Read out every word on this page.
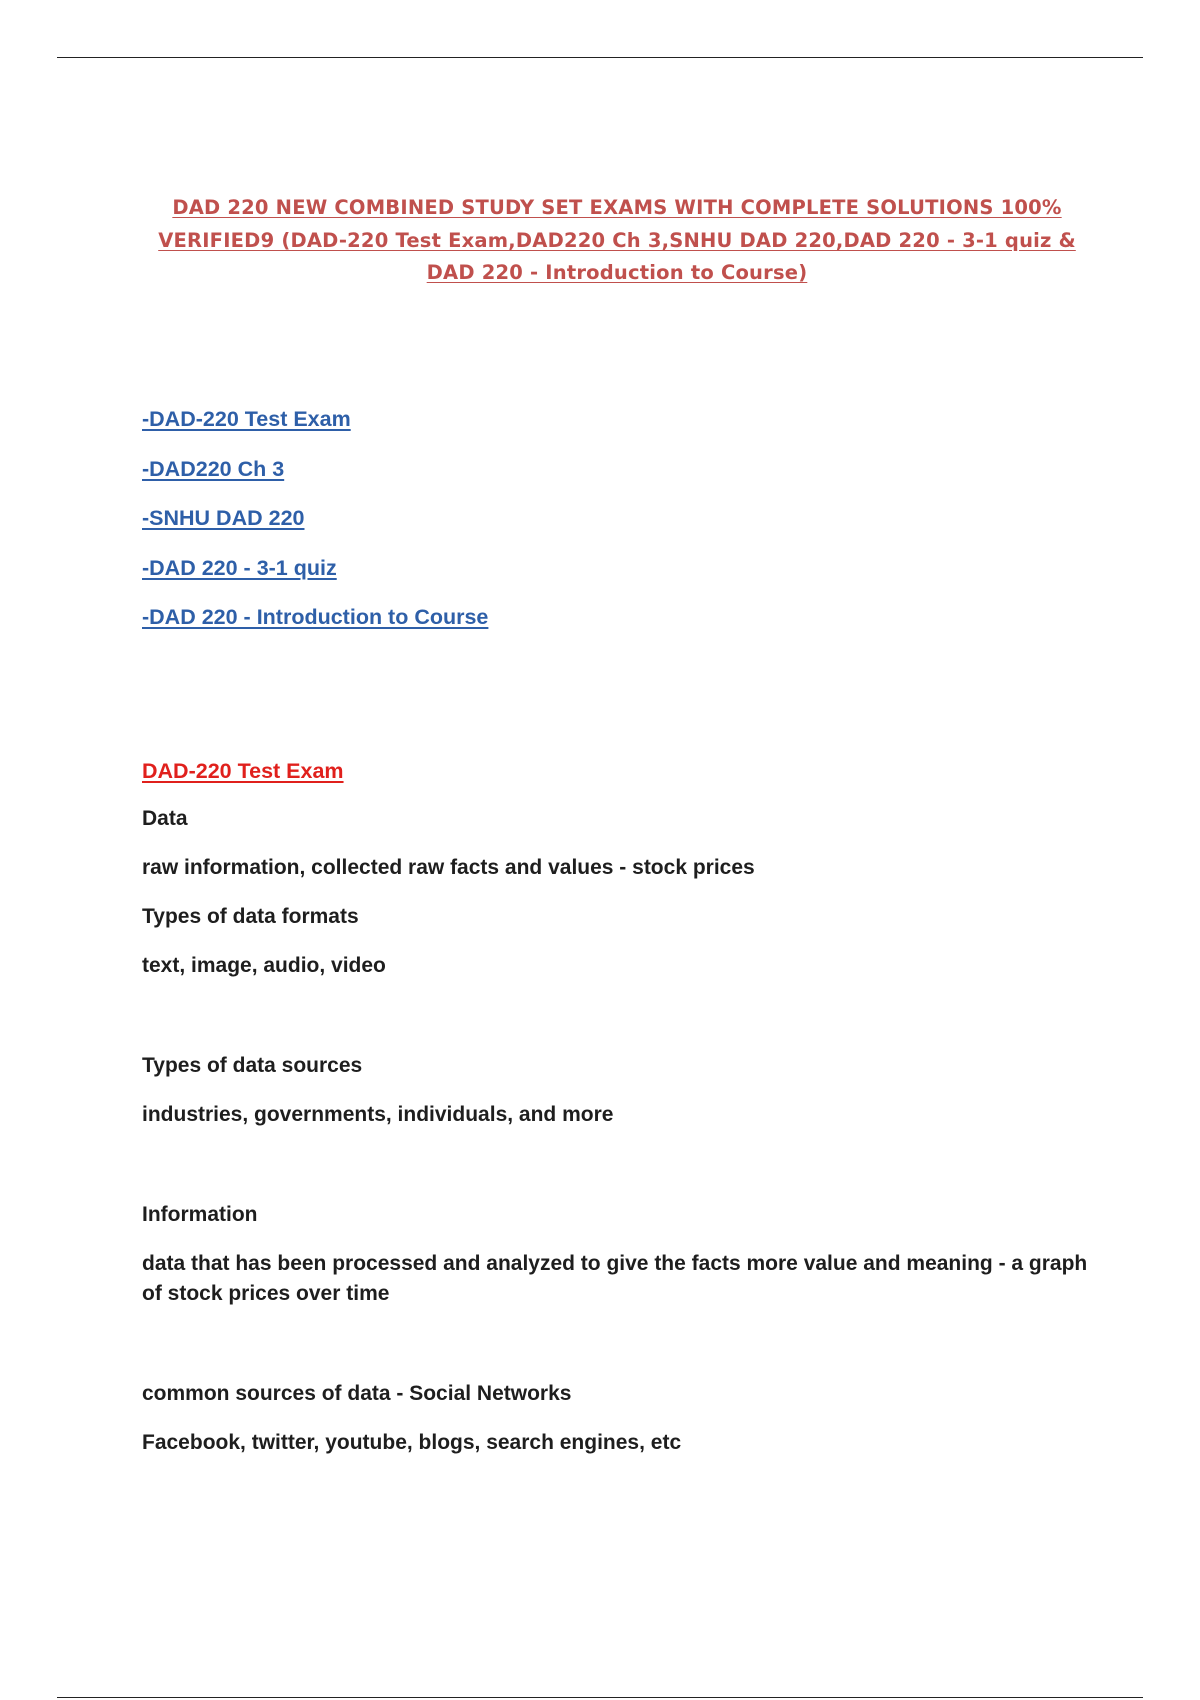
DAD 220 NEW COMBINED STUDY SET EXAMS WITH COMPLETE SOLUTIONS 100%
VERIFIED9 (DAD-220 Test Exam,DAD220 Ch 3,SNHU DAD 220,DAD 220 - 3-1 quiz &
DAD 220 - Introduction to Course)
-DAD-220 Test Exam
-DAD220 Ch 3
-SNHU DAD 220
-DAD 220 - 3-1 quiz
-DAD 220 - Introduction to Course
DAD-220 Test Exam

Data

raw information, collected raw facts and values - stock prices

Types of data formats

text, image, audio, video

Types of data sources

industries, governments, individuals, and more

Information

data that has been processed and analyzed to give the facts more value and meaning - a graph of stock prices over time

common sources of data - Social Networks

Facebook, twitter, youtube, blogs, search engines, etc
